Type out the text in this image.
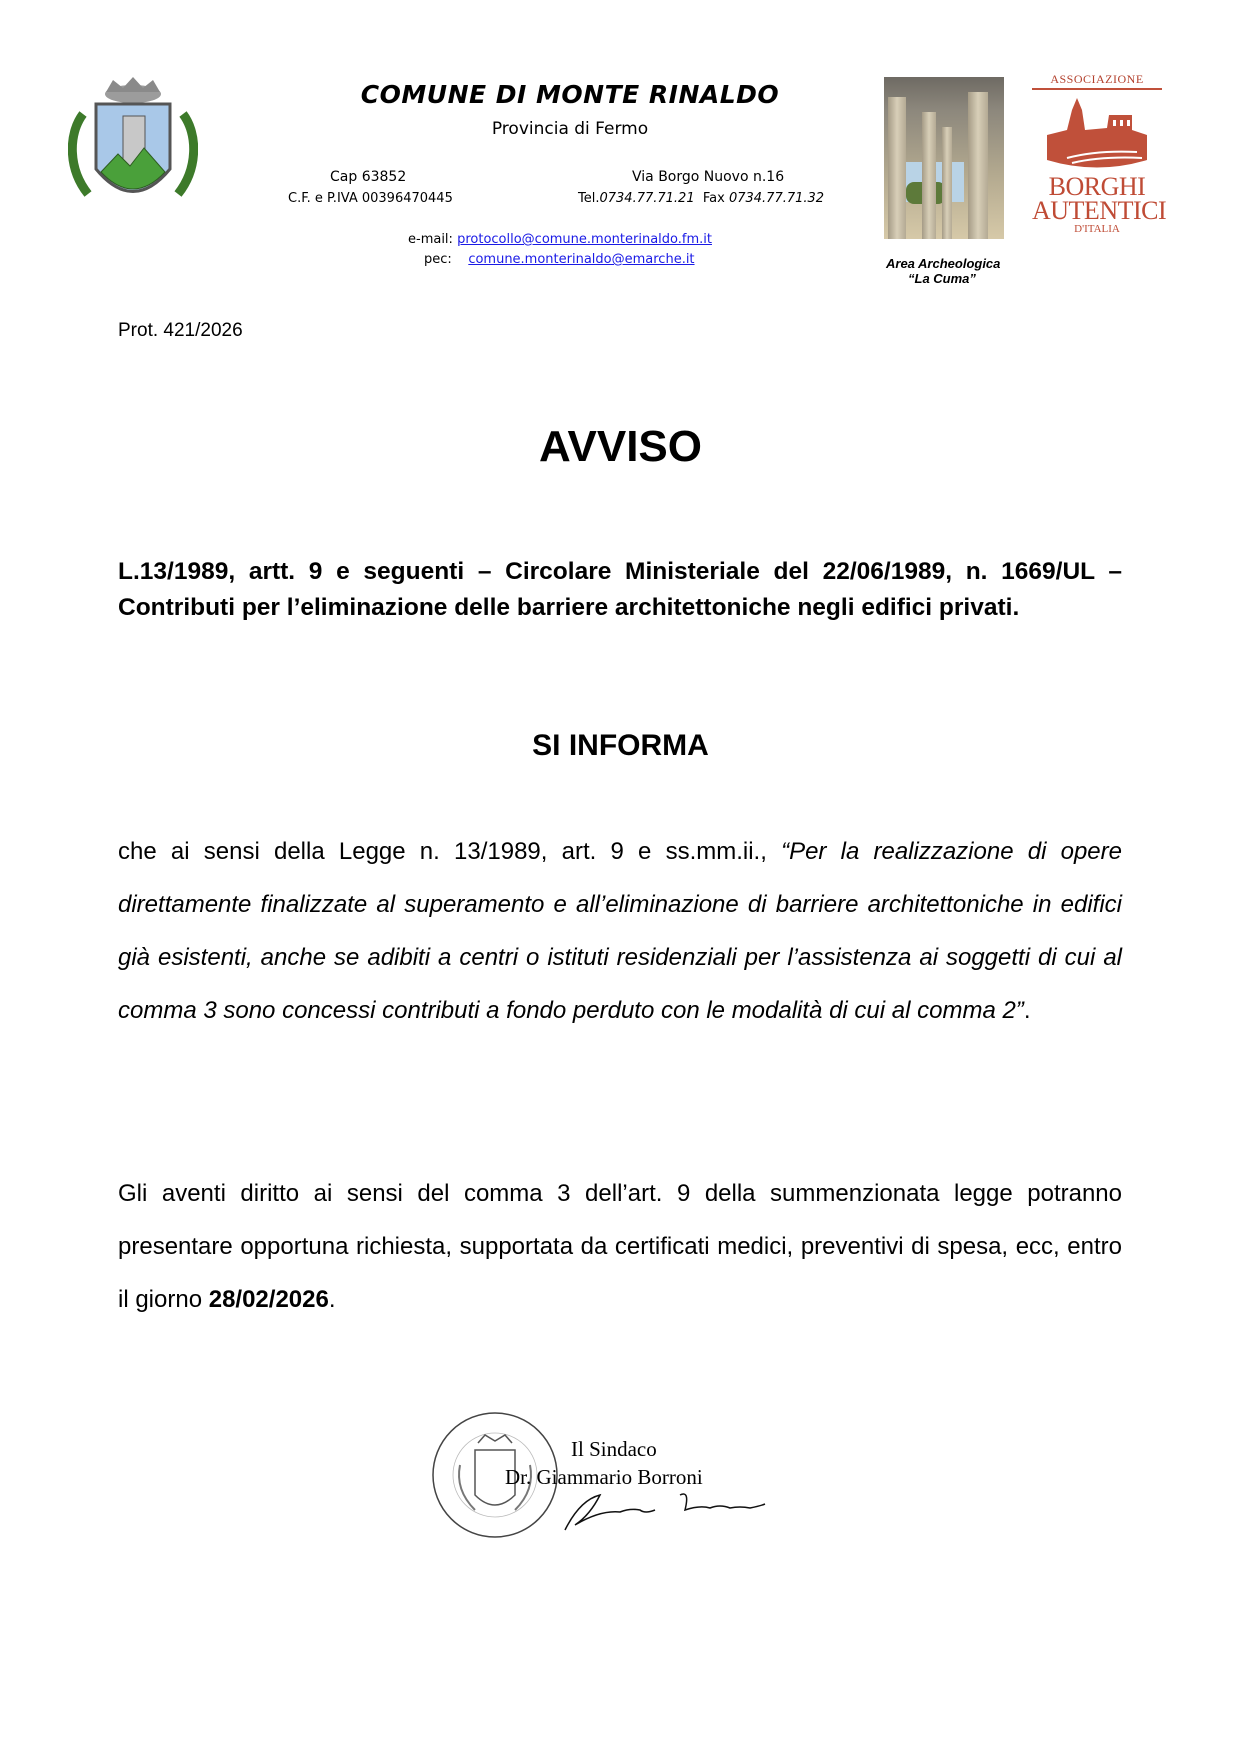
COMUNE DI MONTE RINALDO
Provincia di Fermo
Cap 63852
C.F. e P.IVA 00396470445
Via Borgo Nuovo n.16
Tel.0734.77.71.21 Fax 0734.77.71.32
e-mail: protocollo@comune.monterinaldo.fm.it
pec: comune.monterinaldo@emarche.it	Area Archeologica
“La Cuma”
ASSOCIAZIONE
BORGHI
AUTENTICI
D'ITALIA
Prot. 421/2026
AVVISO
L.13/1989, artt. 9 e seguenti – Circolare Ministeriale del 22/06/1989, n. 1669/UL – Contributi per l’eliminazione delle barriere architettoniche negli edifici privati.
SI INFORMA
che ai sensi della Legge n. 13/1989, art. 9 e ss.mm.ii., “Per la realizzazione di opere direttamente finalizzate al superamento e all’eliminazione di barriere architettoniche in edifici già esistenti, anche se adibiti a centri o istituti residenziali per l’assistenza ai soggetti di cui al comma 3 sono concessi contributi a fondo perduto con le modalità di cui al comma 2”.
Gli aventi diritto ai sensi del comma 3 dell’art. 9 della summenzionata legge potranno presentare opportuna richiesta, supportata da certificati medici, preventivi di spesa, ecc, entro il giorno 28/02/2026.
Il Sindaco
Dr. Giammario Borroni
